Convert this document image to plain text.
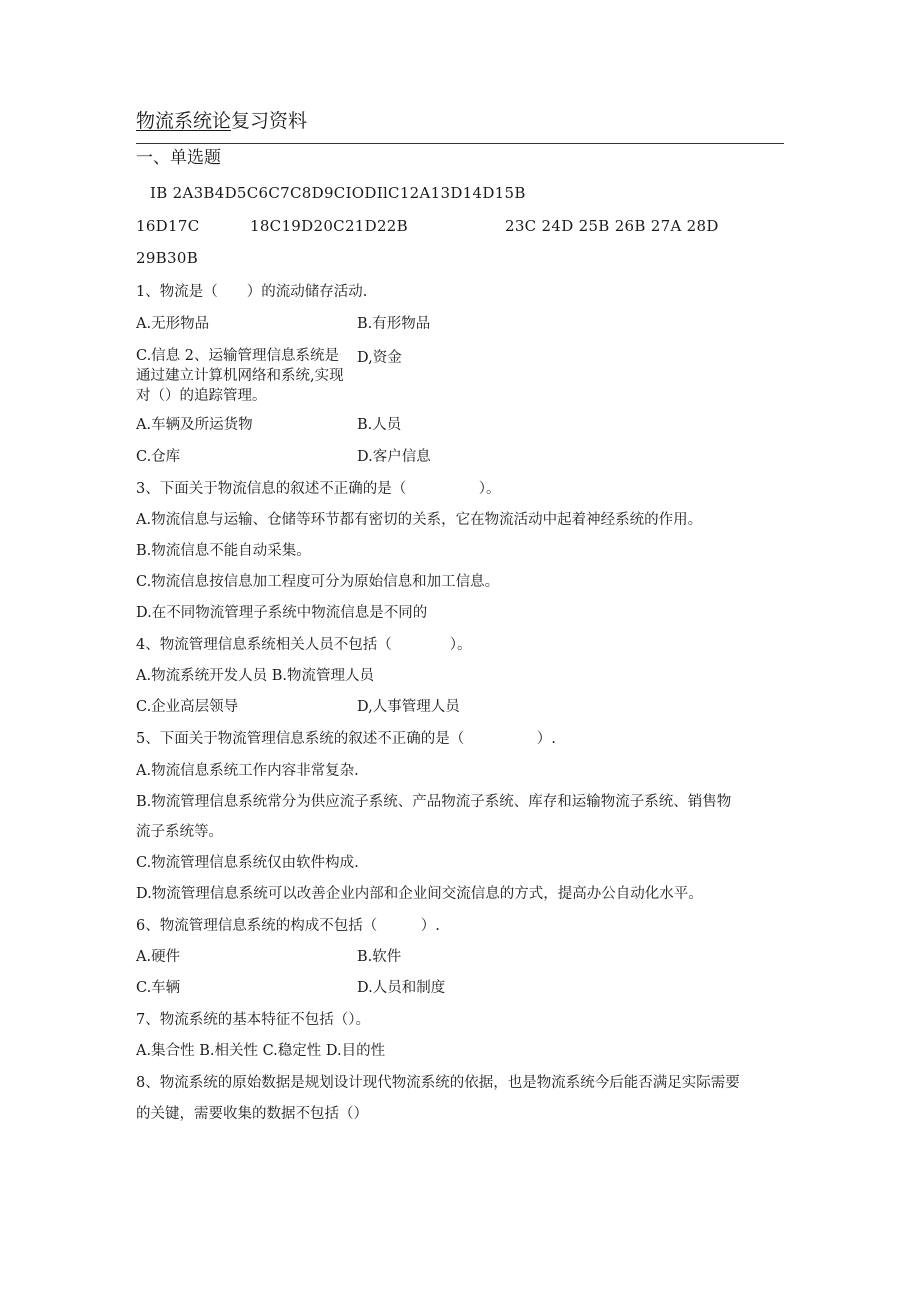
物流系统论复习资料
一、单选题
IB 2A3B4D5C6C7C8D9CIODIlC12A13D14D15B
16D17C	18C19D20C21D22B	23C 24D 25B 26B 27A 28D
29B30B
1、物流是（　　）的流动储存活动.
A.无形物品	B.有形物品
C.信息 2、运输管理信息系统是通过建立计算机网络和系统,实现对（）的追踪管理。
D,资金
A.车辆及所运货物	B.人员
C.仓库	D.客户信息
3、下面关于物流信息的叙述不正确的是（　　　　　）。
A.物流信息与运输、仓储等环节都有密切的关系，它在物流活动中起着神经系统的作用。
B.物流信息不能自动采集。
C.物流信息按信息加工程度可分为原始信息和加工信息。
D.在不同物流管理子系统中物流信息是不同的
4、物流管理信息系统相关人员不包括（　　　　）。
A.物流系统开发人员 B.物流管理人员
C.企业高层领导	D,人事管理人员
5、下面关于物流管理信息系统的叙述不正确的是（　　　　　）.
A.物流信息系统工作内容非常复杂.
B.物流管理信息系统常分为供应流子系统、产品物流子系统、库存和运输物流子系统、销售物
流子系统等。
C.物流管理信息系统仅由软件构成.
D.物流管理信息系统可以改善企业内部和企业间交流信息的方式，提高办公自动化水平。
6、物流管理信息系统的构成不包括（　　　）.
A.硬件	B.软件
C.车辆	D.人员和制度
7、物流系统的基本特征不包括（）。
A.集合性 B.相关性 C.稳定性 D.目的性
8、物流系统的原始数据是规划设计现代物流系统的依据，也是物流系统今后能否满足实际需要
的关键，需要收集的数据不包括（）
